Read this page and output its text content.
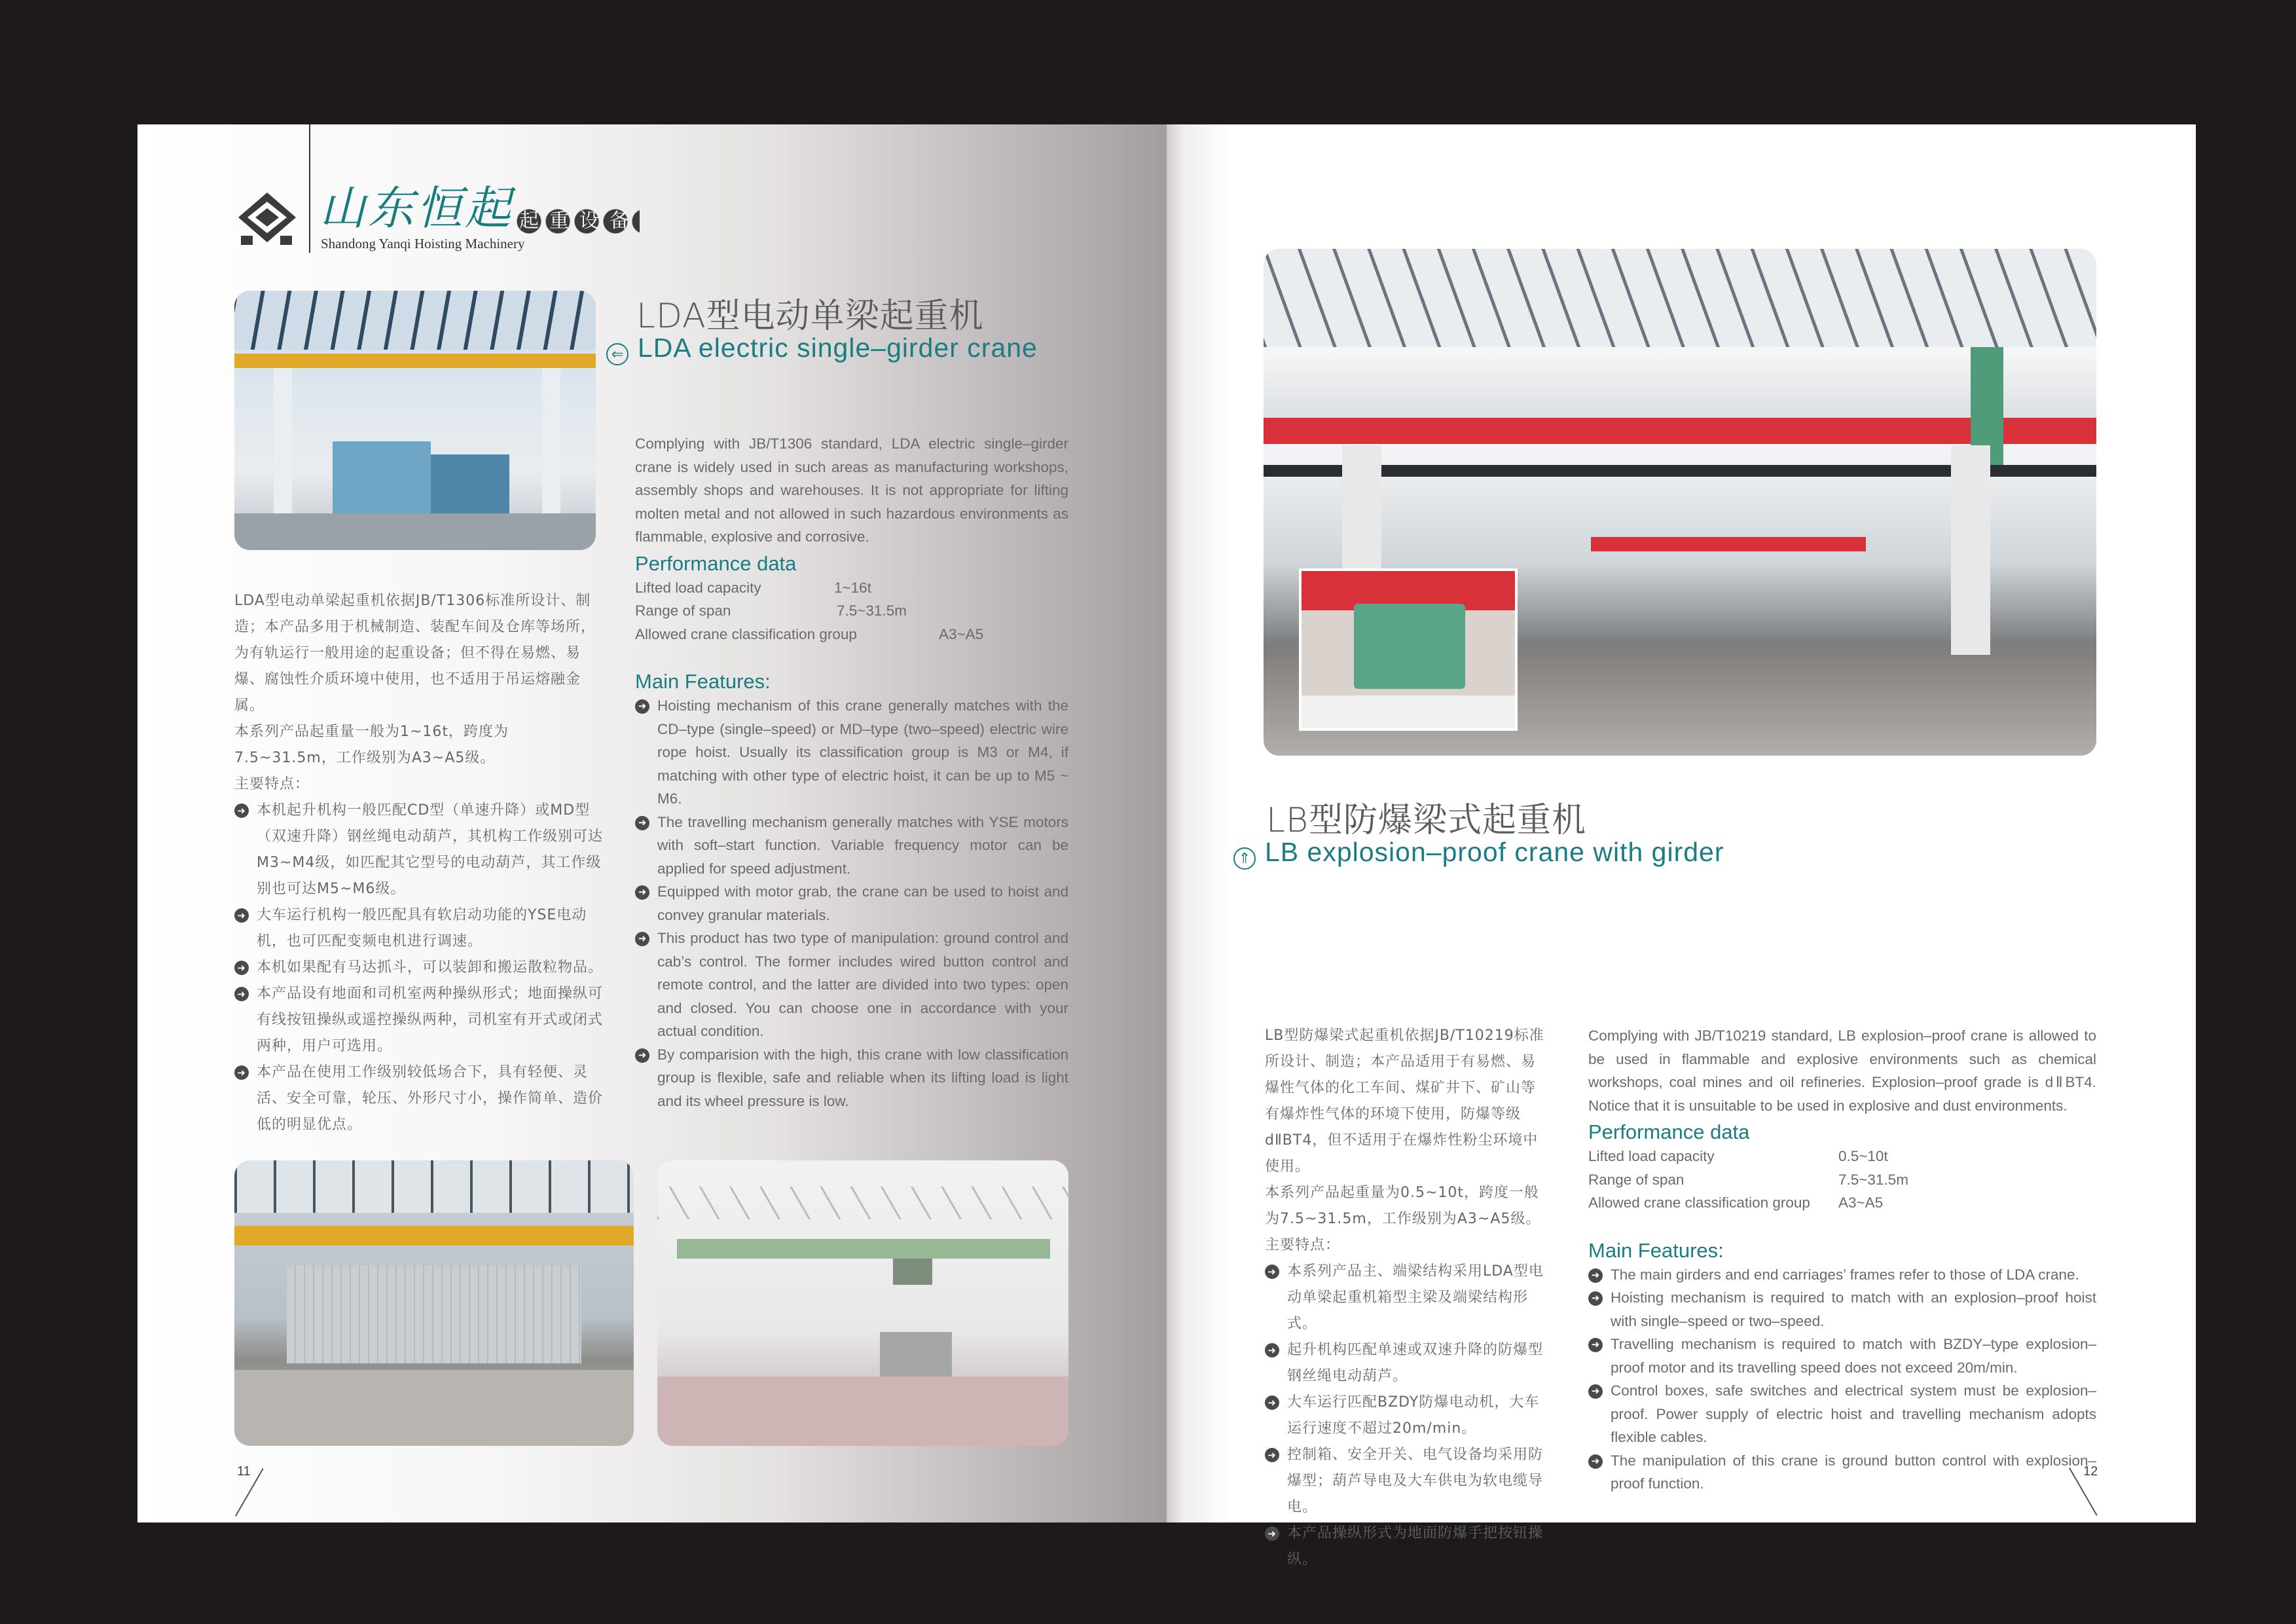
山东恒起 起重设备
Shandong Yanqi Hoisting Machinery

LDA型电动单梁起重机

⇐ LDA electric single–girder crane

Complying with JB/T1306 standard, LDA electric single–girder crane is widely used in such areas as manufacturing workshops, assembly shops and warehouses. It is not appropriate for lifting molten metal and not allowed in such hazardous environments as flammable, explosive and corrosive.

Performance data

Lifted load capacity	1~16t
Range of span	7.5~31.5m
Allowed crane classification group	A3~A5

Main Features:

➜ Hoisting mechanism of this crane generally matches with the CD–type (single–speed) or MD–type (two–speed) electric wire rope hoist. Usually its classification group is M3 or M4, if matching with other type of electric hoist, it can be up to M5 ~ M6.
➜ The travelling mechanism generally matches with YSE motors with soft–start function. Variable frequency motor can be applied for speed adjustment.
➜ Equipped with motor grab, the crane can be used to hoist and convey granular materials.
➜ This product has two type of manipulation: ground control and cab’s control. The former includes wired button control and remote control, and the latter are divided into two types: open and closed. You can choose one in accordance with your actual condition.
➜ By comparision with the high, this crane with low classification group is flexible, safe and reliable when its lifting load is light and its wheel pressure is low.

LDA型电动单梁起重机依据JB/T1306标准所设计、制造；本产品多用于机械制造、装配车间及仓库等场所，为有轨运行一般用途的起重设备；但不得在易燃、易爆、腐蚀性介质环境中使用，也不适用于吊运熔融金属。

本系列产品起重量一般为1~16t，跨度为7.5~31.5m，工作级别为A3~A5级。

主要特点：

➜ 本机起升机构一般匹配CD型（单速升降）或MD型（双速升降）钢丝绳电动葫芦，其机构工作级别可达M3~M4级，如匹配其它型号的电动葫芦，其工作级别也可达M5~M6级。
➜ 大车运行机构一般匹配具有软启动功能的YSE电动机，也可匹配变频电机进行调速。
➜ 本机如果配有马达抓斗，可以装卸和搬运散粒物品。
➜ 本产品设有地面和司机室两种操纵形式；地面操纵可有线按钮操纵或遥控操纵两种，司机室有开式或闭式两种，用户可选用。
➜ 本产品在使用工作级别较低场合下，具有轻便、灵活、安全可靠，轮压、外形尺寸小，操作简单、造价低的明显优点。
11

LB型防爆梁式起重机

⇑ LB explosion–proof crane with girder

LB型防爆梁式起重机依据JB/T10219标准所设计、制造；本产品适用于有易燃、易爆性气体的化工车间、煤矿井下、矿山等有爆炸性气体的环境下使用，防爆等级dⅡBT4，但不适用于在爆炸性粉尘环境中使用。

本系列产品起重量为0.5~10t，跨度一般为7.5~31.5m，工作级别为A3~A5级。

主要特点：

➜ 本系列产品主、端梁结构采用LDA型电动单梁起重机箱型主梁及端梁结构形式。
➜ 起升机构匹配单速或双速升降的防爆型钢丝绳电动葫芦。
➜ 大车运行匹配BZDY防爆电动机，大车运行速度不超过20m/min。
➜ 控制箱、安全开关、电气设备均采用防爆型；葫芦导电及大车供电为软电缆导电。
➜ 本产品操纵形式为地面防爆手把按钮操纵。

Complying with JB/T10219 standard, LB explosion–proof crane is allowed to be used in flammable and explosive environments such as chemical workshops, coal mines and oil refineries. Explosion–proof grade is dⅡBT4. Notice that it is unsuitable to be used in explosive and dust environments.

Performance data

Lifted load capacity	0.5~10t
Range of span	7.5~31.5m
Allowed crane classification group A3~A5

Main Features:

➜ The main girders and end carriages’ frames refer to those of LDA crane.
➜ Hoisting mechanism is required to match with an explosion–proof hoist with single–speed or two–speed.
➜ Travelling mechanism is required to match with BZDY–type explosion–proof motor and its travelling speed does not exceed 20m/min.
➜ Control boxes, safe switches and electrical system must be explosion–proof. Power supply of electric hoist and travelling mechanism adopts flexible cables.
➜ The manipulation of this crane is ground button control with explosion–proof function.
12
